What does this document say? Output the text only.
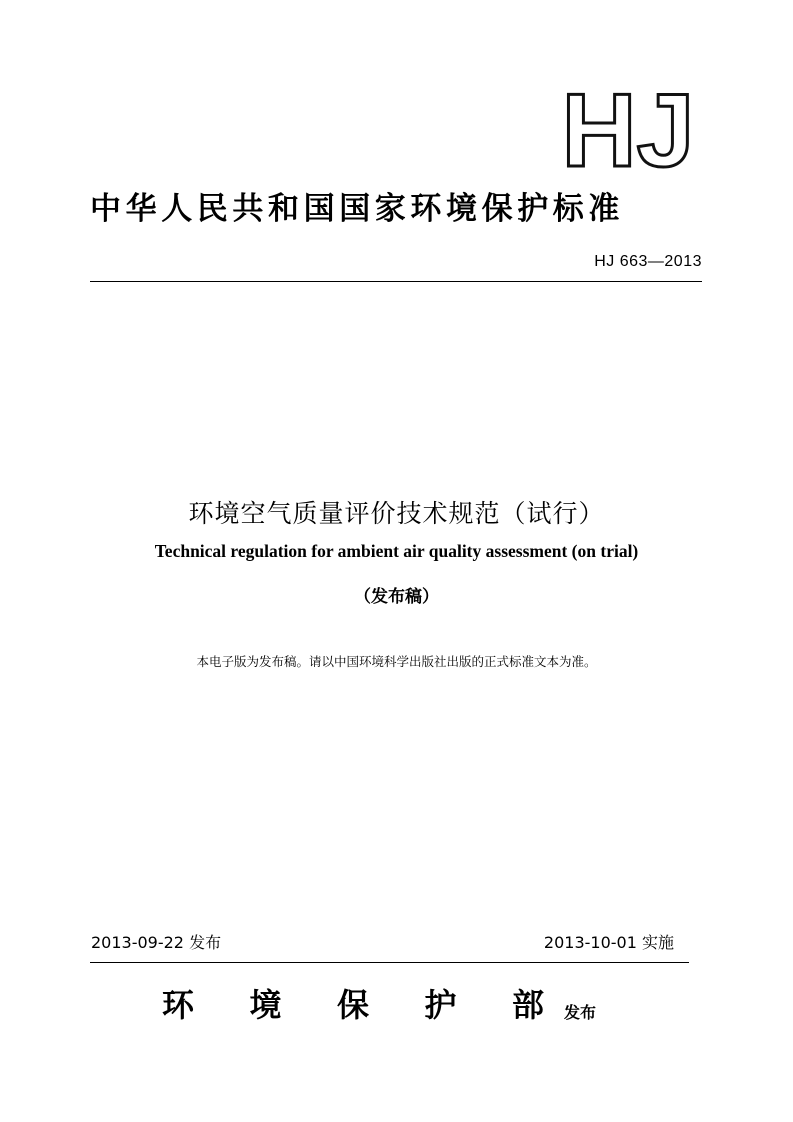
HJ
中华人民共和国国家环境保护标准
HJ 663—2013
环境空气质量评价技术规范（试行）
Technical regulation for ambient air quality assessment (on trial)
（发布稿）
本电子版为发布稿。请以中国环境科学出版社出版的正式标准文本为准。
2013-09-22 发布	2013-10-01 实施
环	境	保	护	部	发布
